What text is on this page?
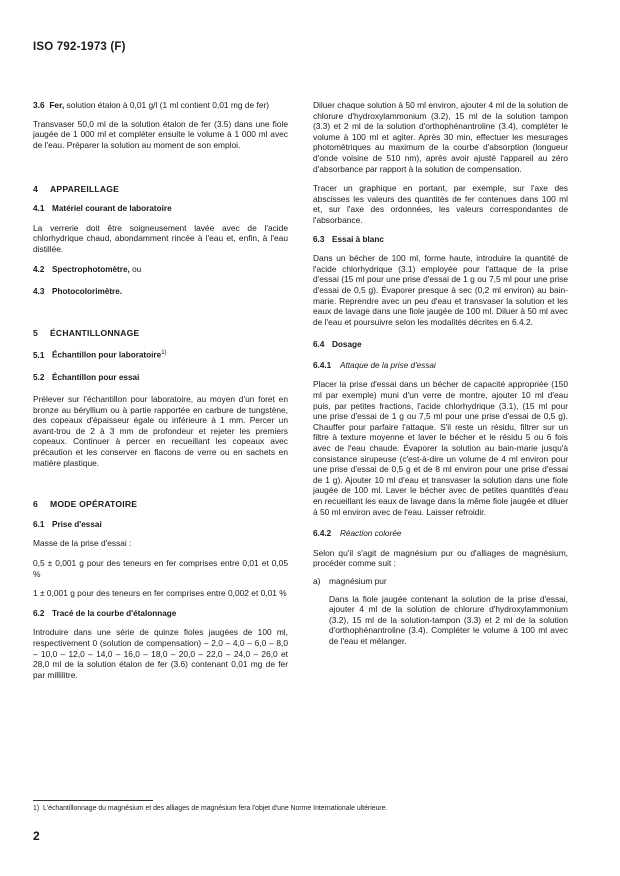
ISO 792-1973 (F)

3.6 Fer, solution étalon à 0,01 g/l (1 ml contient 0,01 mg de fer)

Transvaser 50,0 ml de la solution étalon de fer (3.5) dans une fiole jaugée de 1 000 ml et compléter ensuite le volume à 1 000 ml avec de l'eau. Préparer la solution au moment de son emploi.

4 APPAREILLAGE
4.1 Matériel courant de laboratoire

La verrerie doit être soigneusement lavée avec de l'acide chlorhydrique chaud, abondamment rincée à l'eau et, enfin, à l'eau distillée.

4.2 Spectrophotomètre, ou
4.3 Photocolorimètre.
5 ÉCHANTILLONNAGE
5.1 Échantillon pour laboratoire$^{1)}$
5.2 Échantillon pour essai

Prélever sur l'échantillon pour laboratoire, au moyen d'un foret en bronze au béryllium ou à partie rapportée en carbure de tungstène, des copeaux d'épaisseur égale ou inférieure à 1 mm. Percer un avant-trou de 2 à 3 mm de profondeur et rejeter les premiers copeaux. Continuer à percer en recueillant les copeaux avec précaution et les conserver en flacons de verre ou en sachets en matière plastique.

6 MODE OPÉRATOIRE
6.1 Prise d'essai

Masse de la prise d'essai :

0,5 ± 0,001 g pour des teneurs en fer comprises entre 0,01 et 0,05 %

1 ± 0,001 g pour des teneurs en fer comprises entre 0,002 et 0,01 %

6.2 Tracé de la courbe d'étalonnage

Introduire dans une série de quinze fioles jaugées de 100 ml, respectivement 0 (solution de compensation) – 2,0 – 4,0 – 6,0 – 8,0 – 10,0 – 12,0 – 14,0 – 16,0 – 18,0 – 20,0 – 22,0 – 24,0 – 26,0 et 28,0 ml de la solution étalon de fer (3.6) contenant 0,01 mg de fer par millilitre.

Diluer chaque solution à 50 ml environ, ajouter 4 ml de la solution de chlorure d'hydroxylammonium (3.2), 15 ml de la solution tampon (3.3) et 2 ml de la solution d'orthophénantroline (3.4), compléter le volume à 100 ml et agiter. Après 30 min, effectuer les mesurages photométriques au maximum de la courbe d'absorption (longueur d'onde voisine de 510 nm), après avoir ajusté l'appareil au zéro d'absorbance par rapport à la solution de compensation.

Tracer un graphique en portant, par exemple, sur l'axe des abscisses les valeurs des quantités de fer contenues dans 100 ml et, sur l'axe des ordonnées, les valeurs correspondantes de l'absorbance.

6.3 Essai à blanc

Dans un bécher de 100 ml, forme haute, introduire la quantité de l'acide chlorhydrique (3.1) employée pour l'attaque de la prise d'essai (15 ml pour une prise d'essai de 1 g ou 7,5 ml pour une prise d'essai de 0,5 g). Évaporer presque à sec (0,2 ml environ) au bain-marie. Reprendre avec un peu d'eau et transvaser la solution et les eaux de lavage dans une fiole jaugée de 100 ml. Diluer à 50 ml avec de l'eau et poursuivre selon les modalités décrites en 6.4.2.

6.4 Dosage
6.4.1 Attaque de la prise d'essai

Placer la prise d'essai dans un bécher de capacité appropriée (150 ml par exemple) muni d'un verre de montre, ajouter 10 ml d'eau puis, par petites fractions, l'acide chlorhydrique (3.1), (15 ml pour une prise d'essai de 1 g ou 7,5 ml pour une prise d'essai de 0,5 g). Chauffer pour parfaire l'attaque. S'il reste un résidu, filtrer sur un filtre à texture moyenne et laver le bécher et le résidu 5 ou 6 fois avec de l'eau chaude. Évaporer la solution au bain-marie jusqu'à consistance sirupeuse (c'est-à-dire un volume de 4 ml environ pour une prise d'essai de 0,5 g et de 8 ml environ pour une prise d'essai de 1 g). Ajouter 10 ml d'eau et transvaser la solution dans une fiole jaugée de 100 ml. Laver le bécher avec de petites quantités d'eau en recueillant les eaux de lavage dans la même fiole jaugée et diluer à 50 ml environ avec de l'eau. Laisser refroidir.

6.4.2 Réaction colorée

Selon qu'il s'agit de magnésium pur ou d'alliages de magnésium, procéder comme suit :

a)	magnésium pur

Dans la fiole jaugée contenant la solution de la prise d'essai, ajouter 4 ml de la solution de chlorure d'hydroxylammonium (3.2), 15 ml de la solution-tampon (3.3) et 2 ml de la solution d'orthophénantroline (3.4). Compléter le volume à 100 ml avec de l'eau et mélanger.

1) L'échantillonnage du magnésium et des alliages de magnésium fera l'objet d'une Norme Internationale ultérieure.
2
